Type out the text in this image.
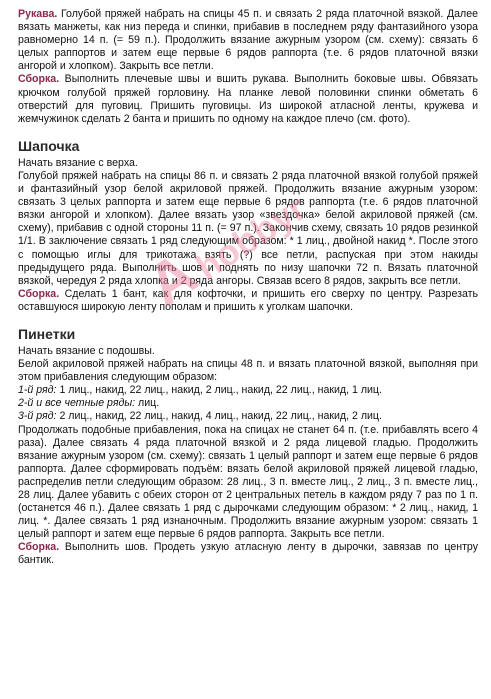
Рукава. Голубой пряжей набрать на спицы 45 п. и связать 2 ряда платочной вязкой. Далее вязать манжеты, как низ переда и спинки, прибавив в последнем ряду фантазийного узора равномерно 14 п. (= 59 п.). Продолжить вязание ажурным узором (см. схему): связать 6 целых раппортов и затем еще первые 6 рядов раппорта (т.е. 6 рядов платочной вязки ангорой и хлопком). Закрыть все петли.
Сборка. Выполнить плечевые швы и вшить рукава. Выполнить боковые швы. Обвязать крючком голубой пряжей горловину. На планке левой половинки спинки обметать 6 отверстий для пуговиц. Пришить пуговицы. Из широкой атласной ленты, кружева и жемчужинок сделать 2 банта и пришить по одному на каждое плечо (см. фото).

Шапочка

Начать вязание с верха.
Голубой пряжей набрать на спицы 86 п. и связать 2 ряда платочной вязкой голубой пряжей и фантазийный узор белой акриловой пряжей. Продолжить вязание ажурным узором: связать 3 целых раппорта и затем еще первые 6 рядов раппорта (т.е. 6 рядов платочной вязки ангорой и хлопком). Далее вязать узор «звездочка» белой акриловой пряжей (см. схему), прибавив с одной стороны 11 п. (= 97 п.). Закончив схему, связать 10 рядов резинкой 1/1. В заключение связать 1 ряд следующим образом: * 1 лиц., двойной накид *. После этого с помощью иглы для трикотажа взять (?) все петли, распуская при этом накиды предыдущего ряда. Выполнить шов и поднять по низу шапочки 72 п. Вязать платочной вязкой, чередуя 2 ряда хлопка и 2 ряда ангоры. Связав всего 8 рядов, закрыть все петли.
Сборка. Сделать 1 бант, как для кофточки, и пришить его сверху по центру. Разрезать оставшуюся широкую ленту пополам и пришить к уголкам шапочки.

Пинетки

Начать вязание с подошвы.
Белой акриловой пряжей набрать на спицы 48 п. и вязать платочной вязкой, выполняя при этом прибавления следующим образом:
1-й ряд: 1 лиц., накид, 22 лиц., накид, 2 лиц., накид, 22 лиц., накид, 1 лиц.
2-й и все четные ряды: лиц.
3-й ряд: 2 лиц., накид, 22 лиц., накид, 4 лиц., накид, 22 лиц., накид, 2 лиц.
Продолжать подобные прибавления, пока на спицах не станет 64 п. (т.е. прибавлять всего 4 раза). Далее связать 4 ряда платочной вязкой и 2 ряда лицевой гладью. Продолжить вязание ажурным узором (см. схему): связать 1 целый раппорт и затем еще первые 6 рядов раппорта. Далее сформировать подъём: вязать белой акриловой пряжей лицевой гладью, распределив петли следующим образом: 28 лиц., 3 п. вместе лиц., 2 лиц., 3 п. вместе лиц., 28 лиц. Далее убавить с обеих сторон от 2 центральных петель в каждом ряду 7 раз по 1 п. (останется 46 п.). Далее связать 1 ряд с дырочками следующим образом: * 2 лиц., накид, 1 лиц. *. Далее связать 1 ряд изнаночным. Продолжить вязание ажурным узором: связать 1 целый раппорт и затем еще первые 6 рядов раппорта. Закрыть все петли.
Сборка. Выполнить шов. Продеть узкую атласную ленту в дырочки, завязав по центру бантик.

Ahobbyr
